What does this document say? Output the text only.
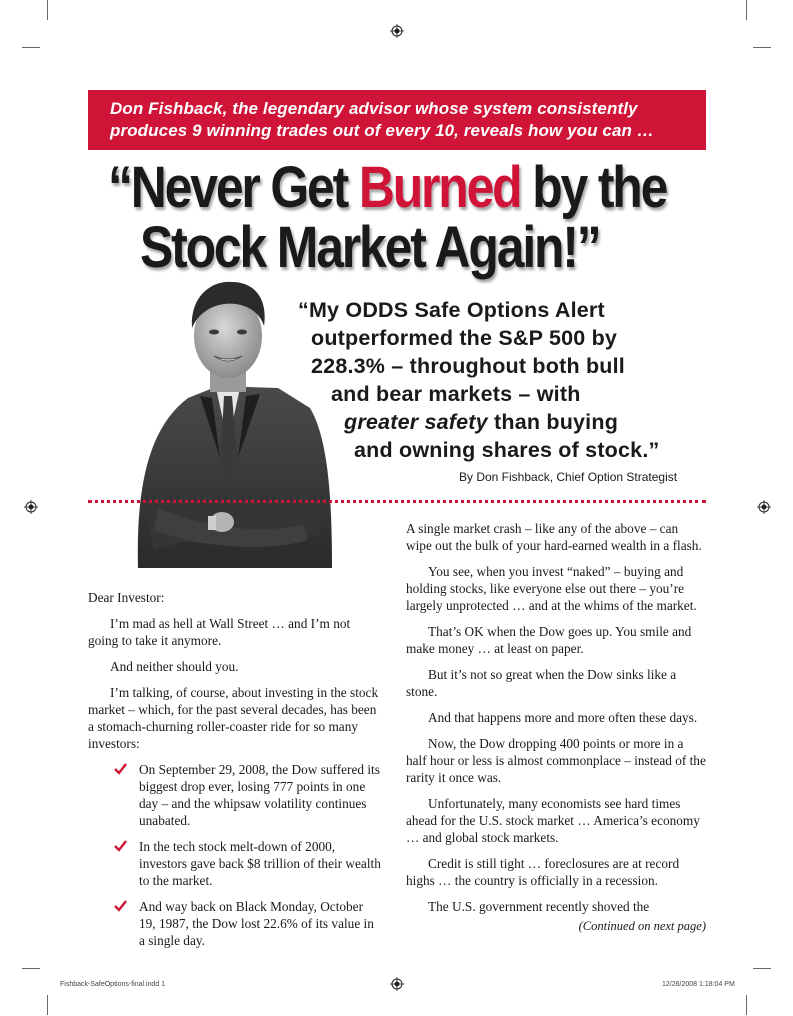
Don Fishback, the legendary advisor whose system consistently

produces 9 winning trades out of every 10, reveals how you can …

“Never Get Burned by the
Stock Market Again!”
“My ODDS Safe Options Alert
outperformed the S&P 500 by
228.3% – throughout both bull
and bear markets – with
greater safety than buying
and owning shares of stock.”
By Don Fishback, Chief Option Strategist

Dear Investor:

I’m mad as hell at Wall Street … and I’m not going to take it anymore.

And neither should you.

I’m talking, of course, about investing in the stock market – which, for the past several decades, has been a stomach-churning roller-coaster ride for so many investors:

On September 29, 2008, the Dow suffered its biggest drop ever, losing 777 points in one day – and the whipsaw volatility continues unabated.
In the tech stock melt-down of 2000, investors gave back $8 trillion of their wealth to the market.
And way back on Black Monday, October 19, 1987, the Dow lost 22.6% of its value in a single day.

A single market crash – like any of the above – can wipe out the bulk of your hard-earned wealth in a flash.

You see, when you invest “naked” – buying and holding stocks, like everyone else out there – you’re largely unprotected … and at the whims of the market.

That’s OK when the Dow goes up. You smile and make money … at least on paper.

But it’s not so great when the Dow sinks like a stone.

And that happens more and more often these days.

Now, the Dow dropping 400 points or more in a half hour or less is almost commonplace – instead of the rarity it once was.

Unfortunately, many economists see hard times ahead for the U.S. stock market … America’s economy … and global stock markets.

Credit is still tight … foreclosures are at record highs … the country is officially in a recession.

The U.S. government recently shoved the

(Continued on next page)

Fishback-SafeOptions-final.indd 1	12/26/2008 1:18:04 PM
